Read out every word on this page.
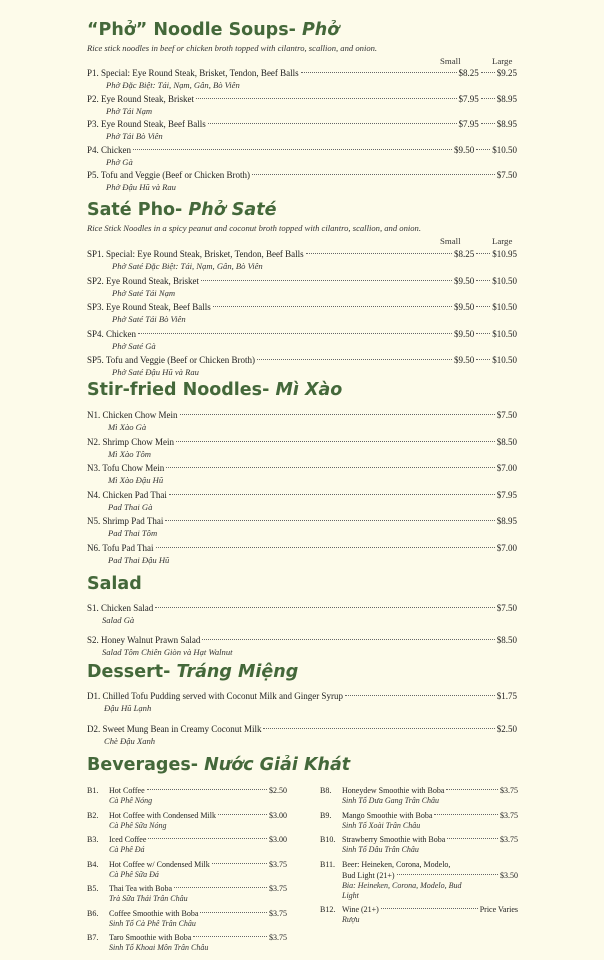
“Phở” Noodle Soups- Phở
Rice stick noodles in beef or chicken broth topped with cilantro, scallion, and onion.
Small	Large
P1. Special: Eye Round Steak, Brisket, Tendon, Beef Balls	$8.25 $9.25
Phở Đặc Biệt: Tái, Nạm, Gân, Bò Viên
P2. Eye Round Steak, Brisket	$7.95 $8.95
Phở Tái Nạm
P3. Eye Round Steak, Beef Balls	$7.95 $8.95
Phở Tái Bò Viên
P4. Chicken	$9.50 $10.50
Phở Gà
P5. Tofu and Veggie (Beef or Chicken Broth)	$7.50
Phở Đậu Hũ và Rau
Saté Pho- Phở Saté
Rice Stick Noodles in a spicy peanut and coconut broth topped with cilantro, scallion, and onion.
Small	Large
SP1. Special: Eye Round Steak, Brisket, Tendon, Beef Balls	$8.25 $10.95
Phở Saté Đặc Biệt: Tái, Nạm, Gân, Bò Viên
SP2. Eye Round Steak, Brisket	$9.50 $10.50
Phở Saté Tái Nạm
SP3. Eye Round Steak, Beef Balls	$9.50 $10.50
Phở Saté Tái Bò Viên
SP4. Chicken	$9.50 $10.50
Phở Saté Gà
SP5. Tofu and Veggie (Beef or Chicken Broth)	$9.50 $10.50
Phở Saté Đậu Hũ và Rau
Stir-fried Noodles- Mì Xào
N1. Chicken Chow Mein	$7.50
Mì Xào Gà
N2. Shrimp Chow Mein	$8.50
Mì Xào Tôm
N3. Tofu Chow Mein	$7.00
Mì Xào Đậu Hũ
N4. Chicken Pad Thai	$7.95
Pad Thai Gà
N5. Shrimp Pad Thai	$8.95
Pad Thai Tôm
N6. Tofu Pad Thai	$7.00
Pad Thai Đậu Hũ
Salad
S1. Chicken Salad	$7.50
Salad Gà
S2. Honey Walnut Prawn Salad	$8.50
Salad Tôm Chiên Giòn và Hạt Walnut
Dessert- Tráng Miệng
D1. Chilled Tofu Pudding served with Coconut Milk and Ginger Syrup	$1.75
Đậu Hũ Lạnh
D2. Sweet Mung Bean in Creamy Coconut Milk	$2.50
Chè Đậu Xanh
Beverages- Nước Giải Khát
B1.	Hot Coffee	$2.50
Cà Phê Nóng
B2.	Hot Coffee with Condensed Milk	$3.00
Cà Phê Sữa Nóng
B3.	Iced Coffee	$3.00
Cà Phê Đá
B4.	Hot Coffee w/ Condensed Milk	$3.75
Cà Phê Sữa Đá
B5.	Thai Tea with Boba	$3.75
Trà Sữa Thái Trân Châu
B6.	Coffee Smoothie with Boba	$3.75
Sinh Tố Cà Phê Trân Châu
B7.	Taro Smoothie with Boba	$3.75
Sinh Tố Khoai Môn Trân Châu
B8.	Honeydew Smoothie with Boba	$3.75
Sinh Tố Dưa Gang Trân Châu
B9.	Mango Smoothie with Boba	$3.75
Sinh Tố Xoài Trân Châu
B10. Strawberry Smoothie with Boba	$3.75
Sinh Tố Dâu Trân Châu
B11. Beer: Heineken, Corona, Modelo,
Bud Light (21+)	$3.50
Bia: Heineken, Corona, Modelo, Bud
Light
B12. Wine (21+)	Price Varies
Rượu
